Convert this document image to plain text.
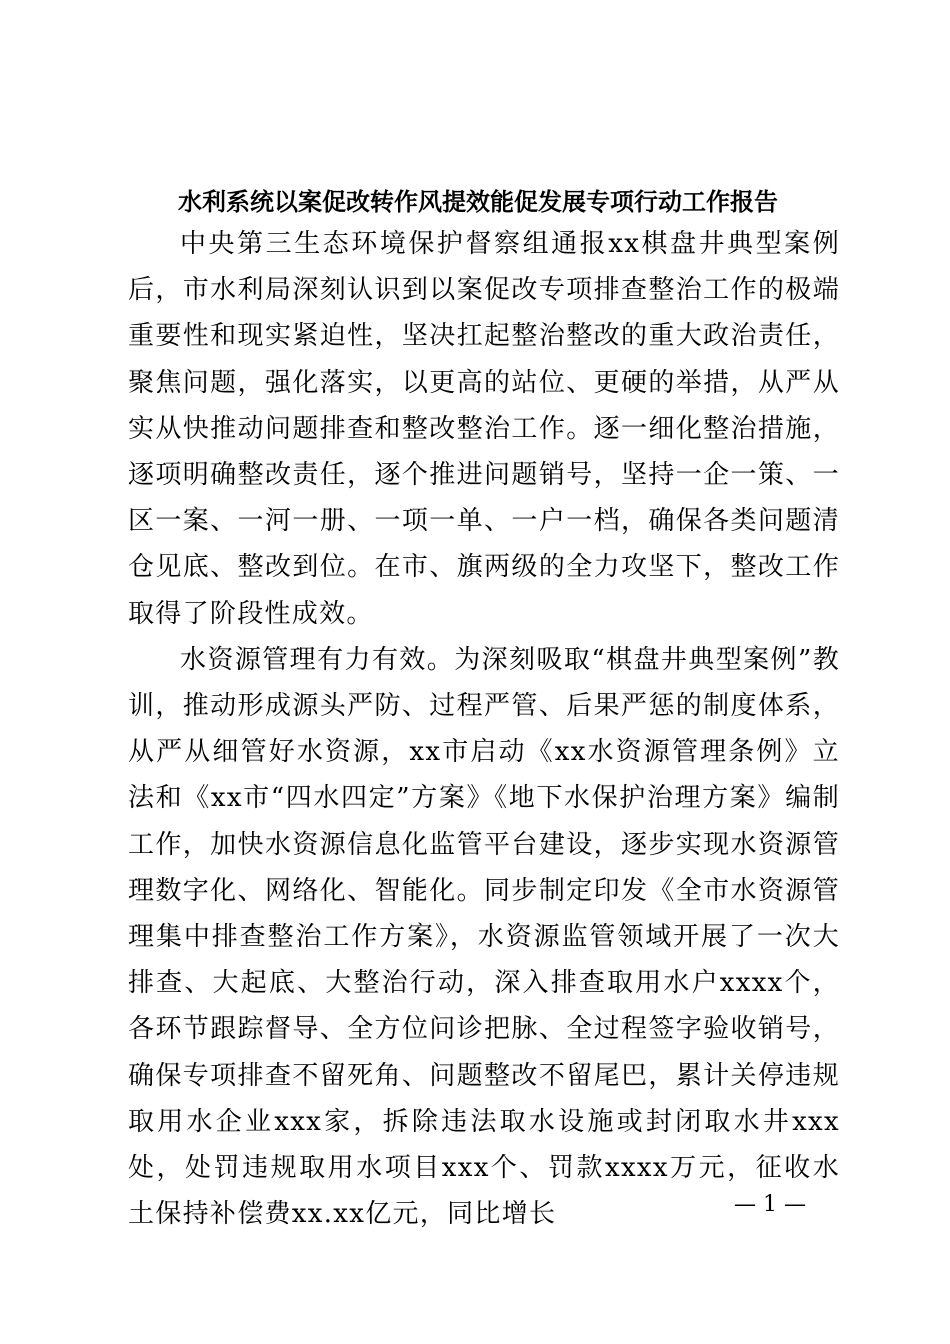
水利系统以案促改转作风提效能促发展专项行动工作报告

中央第三生态环境保护督察组通报xx棋盘井典型案例后，市水利局深刻认识到以案促改专项排查整治工作的极端重要性和现实紧迫性，坚决扛起整治整改的重大政治责任，聚焦问题，强化落实，以更高的站位、更硬的举措，从严从实从快推动问题排查和整改整治工作。逐一细化整治措施，逐项明确整改责任，逐个推进问题销号，坚持一企一策、一区一案、一河一册、一项一单、一户一档，确保各类问题清仓见底、整改到位。在市、旗两级的全力攻坚下，整改工作取得了阶段性成效。

水资源管理有力有效。为深刻吸取“棋盘井典型案例”教训，推动形成源头严防、过程严管、后果严惩的制度体系，从严从细管好水资源，xx市启动《xx水资源管理条例》立法和《xx市“四水四定”方案》《地下水保护治理方案》编制工作，加快水资源信息化监管平台建设，逐步实现水资源管理数字化、网络化、智能化。同步制定印发《全市水资源管理集中排查整治工作方案》，水资源监管领域开展了一次大排查、大起底、大整治行动，深入排查取用水户xxxx个，各环节跟踪督导、全方位问诊把脉、全过程签字验收销号，确保专项排查不留死角、问题整改不留尾巴，累计关停违规取用水企业xxx家，拆除违法取水设施或封闭取水井xxx处，处罚违规取用水项目xxx个、罚款xxxx万元，征收水土保持补偿费xx.xx亿元，同比增长	— 1 —
